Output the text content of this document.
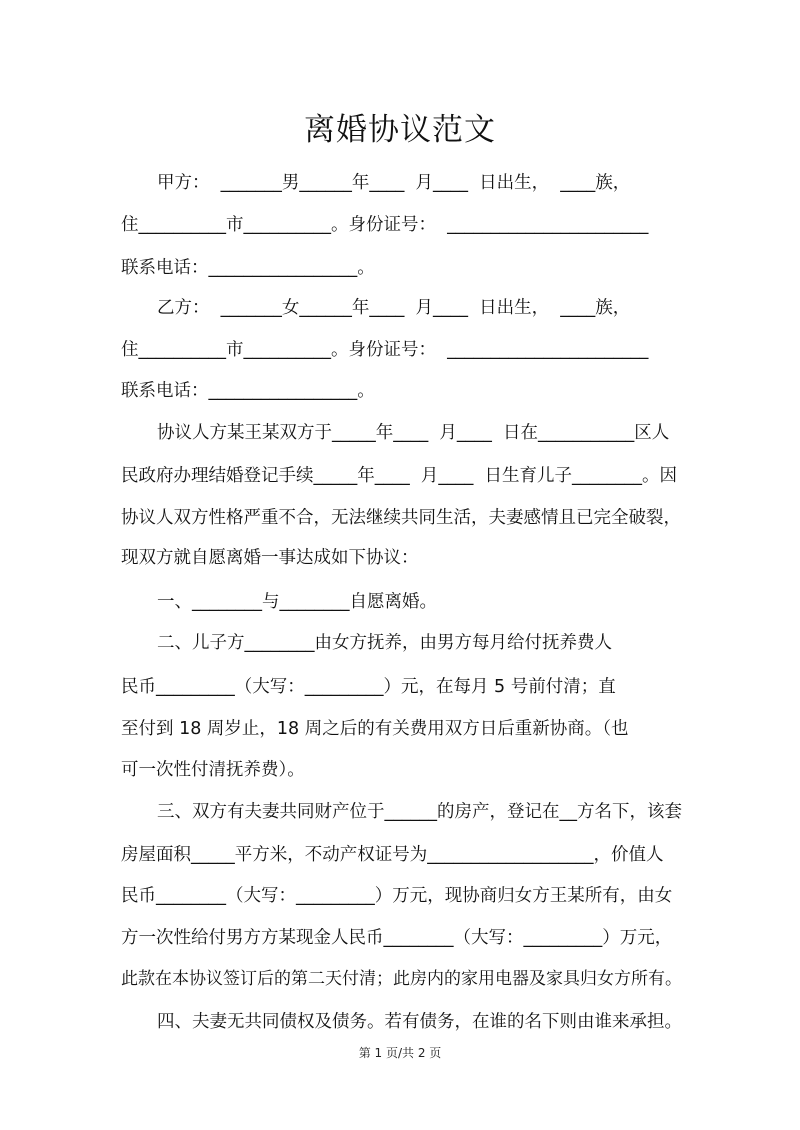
离婚协议范文
甲方：  _______男______年____  月____  日出生，  ____族，
住__________市__________。身份证号：  _______________________
联系电话：_________________。
乙方：  _______女______年____  月____  日出生，  ____族，
住__________市__________。身份证号：  _______________________
联系电话：_________________。
协议人方某王某双方于_____年____  月____  日在___________区人
民政府办理结婚登记手续_____年____  月____  日生育儿子________。因
协议人双方性格严重不合，无法继续共同生活，夫妻感情且已完全破裂，
现双方就自愿离婚一事达成如下协议：
一、________与________自愿离婚。
二、儿子方________由女方抚养，由男方每月给付抚养费人
民币_________（大写：_________）元，在每月 5 号前付清；直
至付到 18 周岁止，18 周之后的有关费用双方日后重新协商。（也
可一次性付清抚养费）。
三、双方有夫妻共同财产位于______的房产，登记在__方名下，该套
房屋面积_____平方米，不动产权证号为___________________，价值人
民币________（大写：_________）万元，现协商归女方王某所有，由女
方一次性给付男方方某现金人民币________（大写：_________）万元，
此款在本协议签订后的第二天付清；此房内的家用电器及家具归女方所有。
四、夫妻无共同债权及债务。若有债务，在谁的名下则由谁来承担。
第 1 页/共 2 页
